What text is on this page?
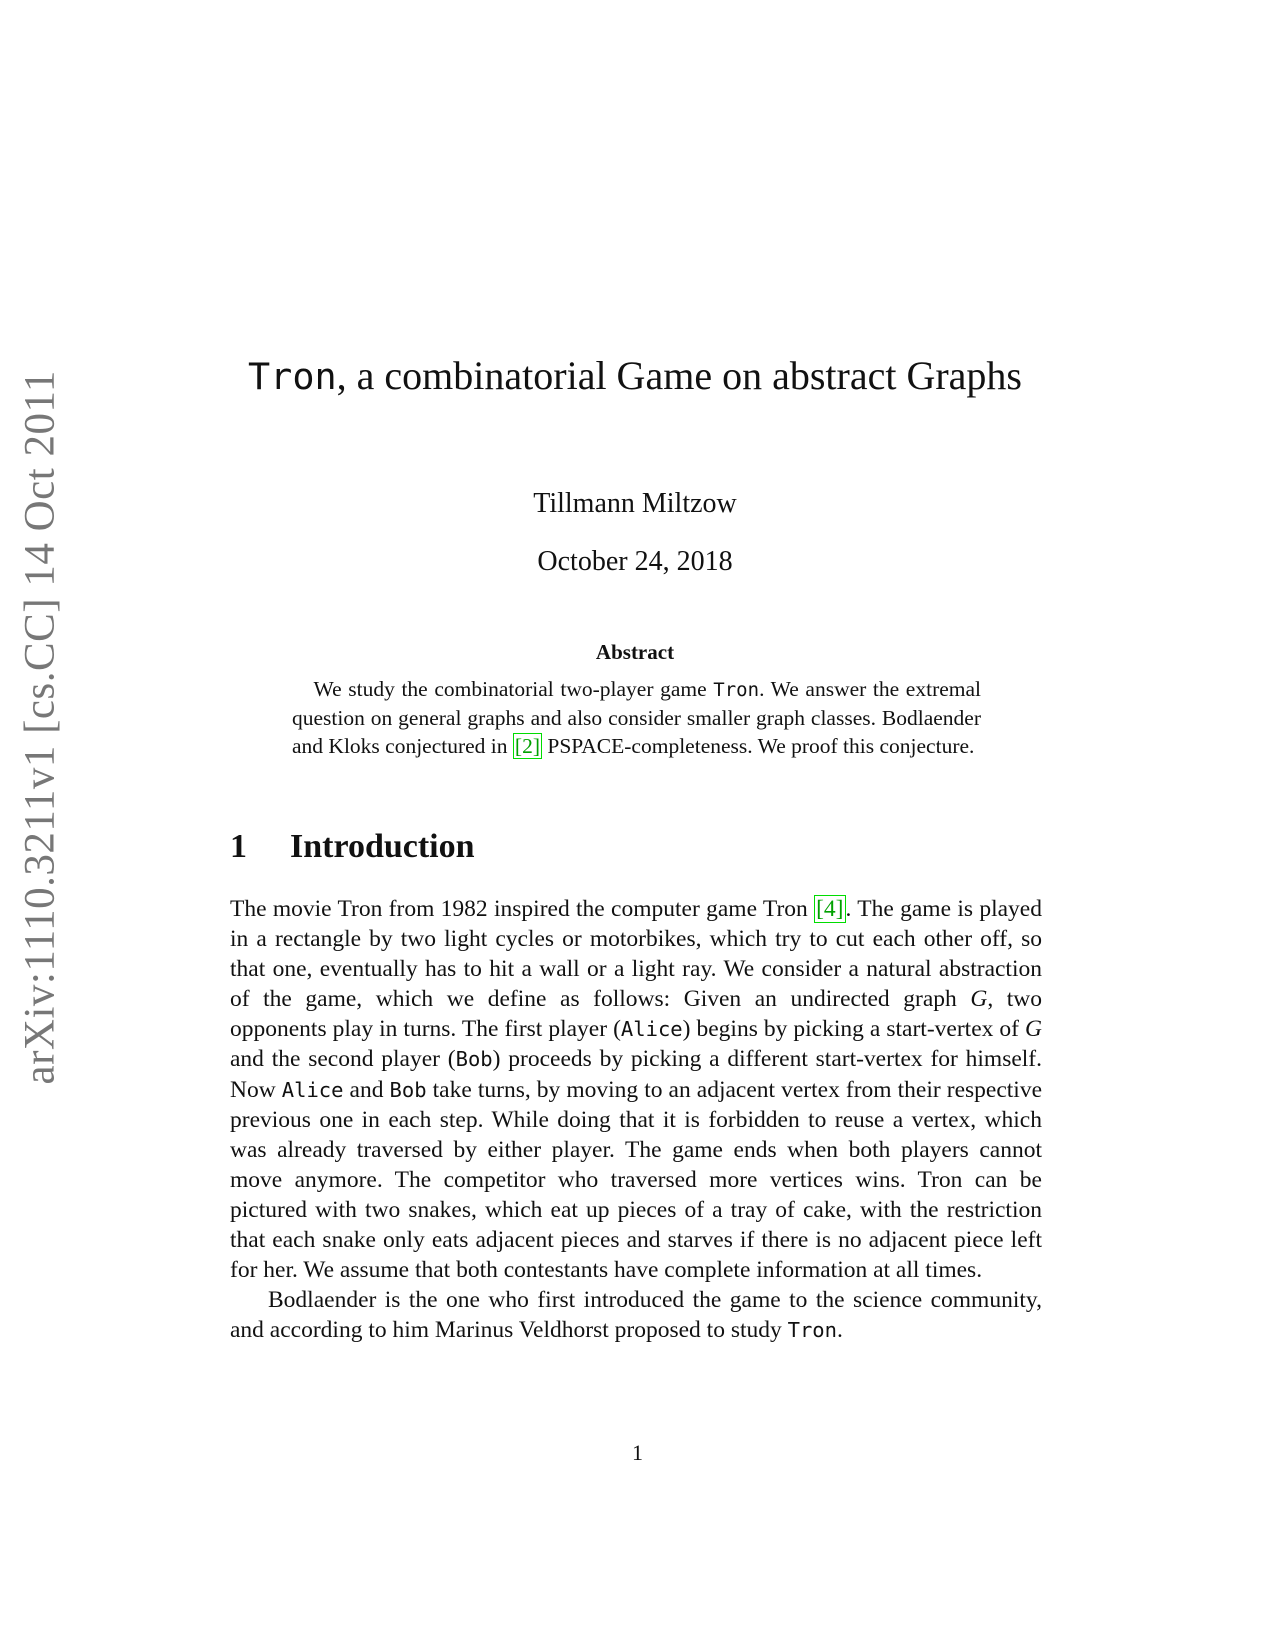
arXiv:1110.3211v1 [cs.CC] 14 Oct 2011	Tron, a combinatorial Game on abstract Graphs
Tillmann Miltzow
October 24, 2018
Abstract
 We study the combinatorial two-player game Tron. We answer the extremal question on general graphs and also consider smaller graph classes. Bodlaender and Kloks conjectured in [2] PSPACE-completeness. We proof this conjecture.
1 Introduction

The movie Tron from 1982 inspired the computer game Tron [4]. The game is played in a rectangle by two light cycles or motorbikes, which try to cut each other off, so that one, eventually has to hit a wall or a light ray. We consider a natural abstraction of the game, which we define as follows: Given an undirected graph G, two opponents play in turns. The first player (Alice) begins by picking a start-vertex of G and the second player (Bob) proceeds by picking a different start-vertex for himself. Now Alice and Bob take turns, by moving to an adjacent vertex from their respective previous one in each step. While doing that it is forbidden to reuse a vertex, which was already traversed by either player. The game ends when both players cannot move anymore. The competitor who traversed more vertices wins. Tron can be pictured with two snakes, which eat up pieces of a tray of cake, with the restriction that each snake only eats adjacent pieces and starves if there is no adjacent piece left for her. We assume that both contestants have complete information at all times.

Bodlaender is the one who first introduced the game to the science community, and according to him Marinus Veldhorst proposed to study Tron.

1
